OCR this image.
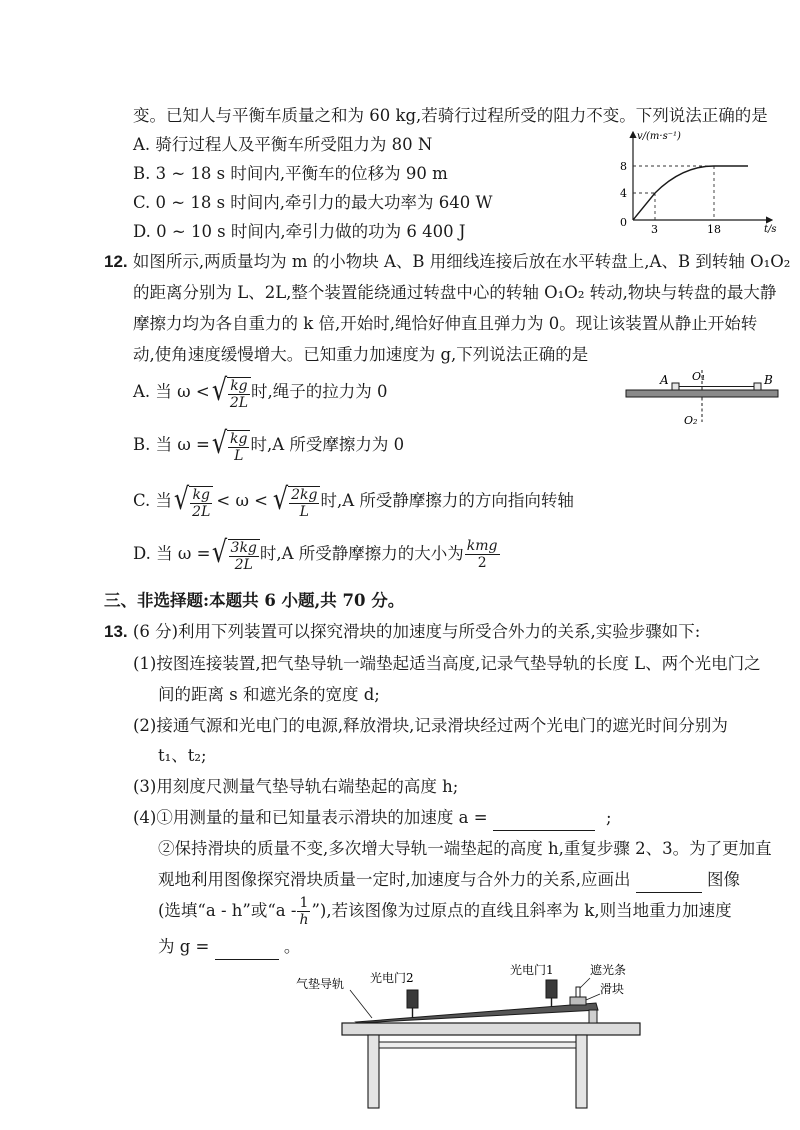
变。已知人与平衡车质量之和为 60 kg,若骑行过程所受的阻力不变。下列说法正确的是
A. 骑行过程人及平衡车所受阻力为 80 N
B. 3 ~ 18 s 时间内,平衡车的位移为 90 m
C. 0 ~ 18 s 时间内,牵引力的最大功率为 640 W
D. 0 ~ 10 s 时间内,牵引力做的功为 6 400 J
v/(m·s⁻¹)
t/s
8
4
0
3	18
12. 如图所示,两质量均为 m 的小物块 A、B 用细线连接后放在水平转盘上,A、B 到转轴 O₁O₂
的距离分别为 L、2L,整个装置能绕通过转盘中心的转轴 O₁O₂ 转动,物块与转盘的最大静
摩擦力均为各自重力的 k 倍,开始时,绳恰好伸直且弹力为 0。现让该装置从静止开始转
动,使角速度缓慢增大。已知重力加速度为 g,下列说法正确的是
A. 当 ω < √ $\frac{kg}{2L}$ 时,绳子的拉力为 0
B. 当 ω = √ $\frac{kg}{L}$ 时,A 所受摩擦力为 0
C. 当 √ $\frac{kg}{2L} < \omega$ < √ $\frac{2kg}{L}$ 时,A 所受静摩擦力的方向指向转轴
D. 当 ω = √ $\frac{3kg}{2L}$ 时,A 所受静摩擦力的大小为 $\frac{\text{kmg}}{2}$
A	B
O₁
O₂
三、非选择题:本题共 6 小题,共 70 分。
13. (6 分)利用下列装置可以探究滑块的加速度与所受合外力的关系,实验步骤如下:
(1)按图连接装置,把气垫导轨一端垫起适当高度,记录气垫导轨的长度 L、两个光电门之
间的距离 s 和遮光条的宽度 d;
(2)接通气源和光电门的电源,释放滑块,记录滑块经过两个光电门的遮光时间分别为
t₁、t₂;
(3)用刻度尺测量气垫导轨右端垫起的高度 h;
(4)①用测量的量和已知量表示滑块的加速度 a =	;
②保持滑块的质量不变,多次增大导轨一端垫起的高度 h,重复步骤 2、3。为了更加直
观地利用图像探究滑块质量一定时,加速度与合外力的关系,应画出	图像
(选填“a - h”或“a - $\frac{1}{h}$ ”),若该图像为过原点的直线且斜率为 k,则当地重力加速度
为 g =	。
气垫导轨 光电门2
光电门1	遮光条
滑块
